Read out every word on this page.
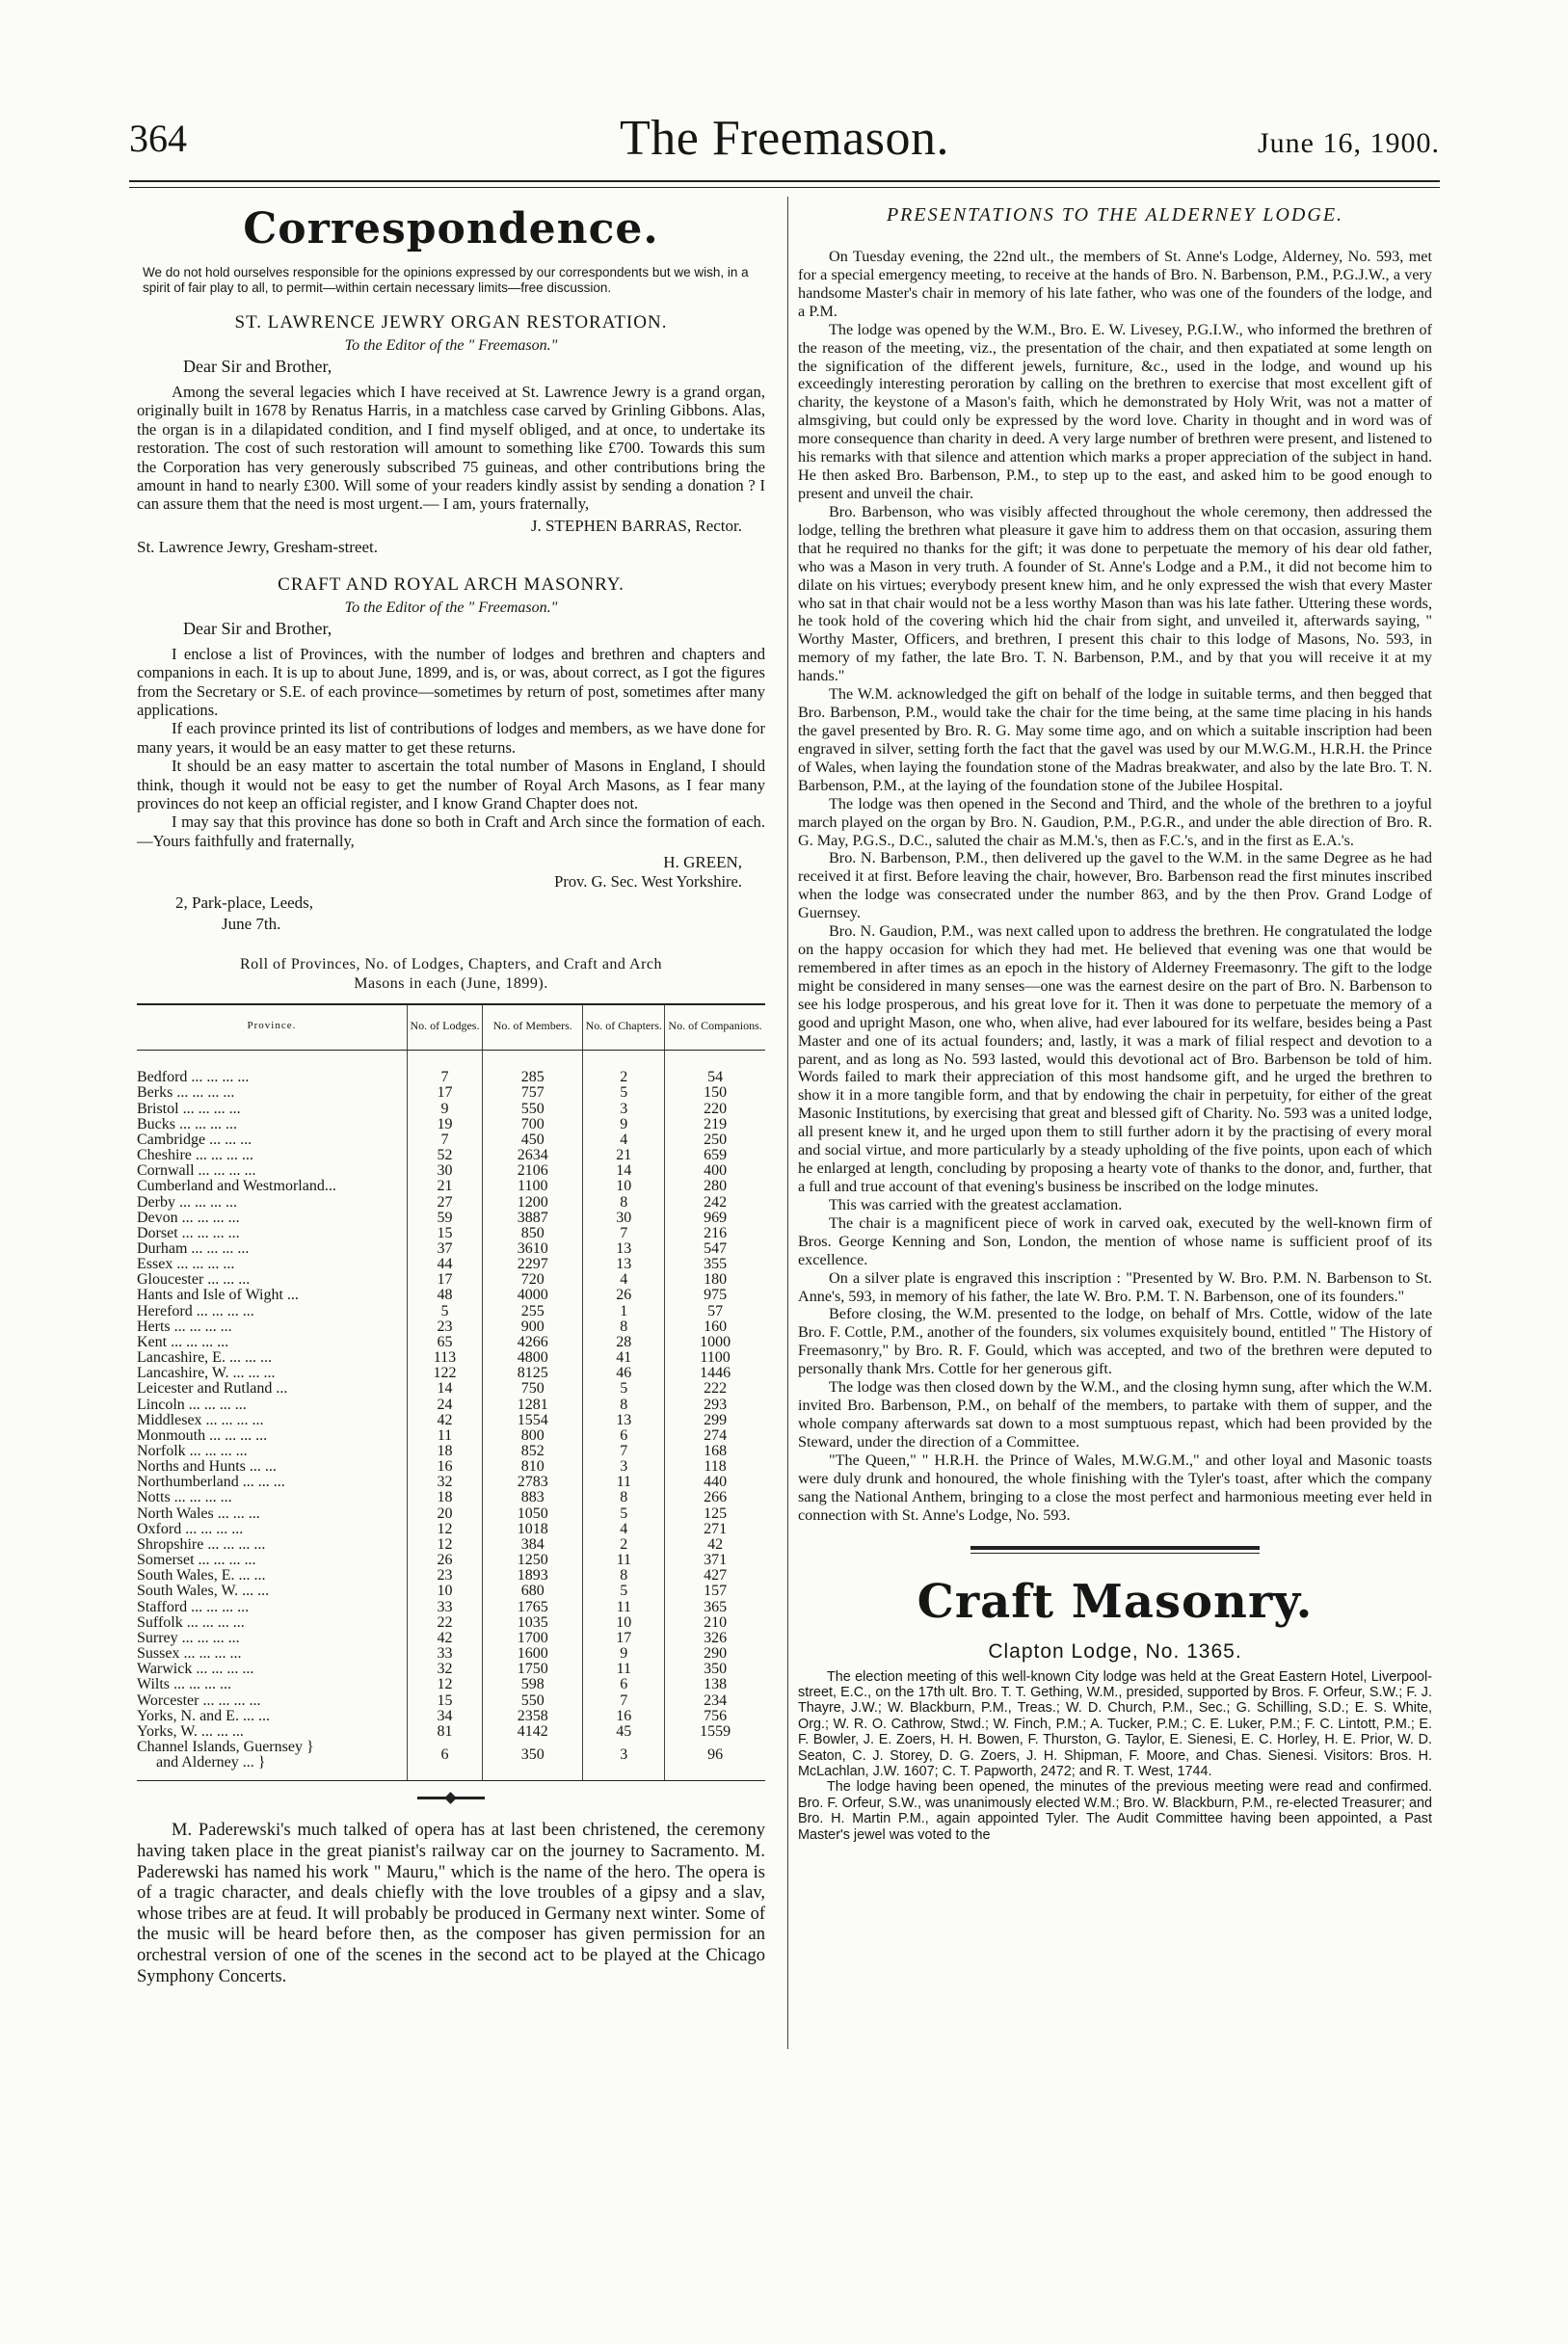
364	The Freemason.	June 16, 1900.
Correspondence.
We do not hold ourselves responsible for the opinions expressed by our correspondents but we wish, in a spirit of fair play to all, to permit—within certain necessary limits—free discussion.
ST. LAWRENCE JEWRY ORGAN RESTORATION.
To the Editor of the " Freemason."
Dear Sir and Brother,

Among the several legacies which I have received at St. Lawrence Jewry is a grand organ, originally built in 1678 by Renatus Harris, in a matchless case carved by Grinling Gibbons. Alas, the organ is in a dilapidated condition, and I find myself obliged, and at once, to undertake its restoration. The cost of such restoration will amount to something like £700. Towards this sum the Corporation has very generously subscribed 75 guineas, and other contributions bring the amount in hand to nearly £300. Will some of your readers kindly assist by sending a donation ? I can assure them that the need is most urgent.— I am, yours fraternally,

J. STEPHEN BARRAS, Rector.
St. Lawrence Jewry, Gresham-street.
CRAFT AND ROYAL ARCH MASONRY.
To the Editor of the " Freemason."
Dear Sir and Brother,

I enclose a list of Provinces, with the number of lodges and brethren and chapters and companions in each. It is up to about June, 1899, and is, or was, about correct, as I got the figures from the Secretary or S.E. of each province—sometimes by return of post, sometimes after many applications.

If each province printed its list of contributions of lodges and members, as we have done for many years, it would be an easy matter to get these returns.

It should be an easy matter to ascertain the total number of Masons in England, I should think, though it would not be easy to get the number of Royal Arch Masons, as I fear many provinces do not keep an official register, and I know Grand Chapter does not.

I may say that this province has done so both in Craft and Arch since the formation of each.—Yours faithfully and fraternally,

H. GREEN,
Prov. G. Sec. West Yorkshire.
2, Park-place, Leeds,
June 7th.
Roll of Provinces, No. of Lodges, Chapters, and Craft and Arch
Masons in each (June, 1899).
Province.	No. of Lodges.	No. of Members.	No. of Chapters.	No. of Companions.

Bedford ... ... ... ...	7	285	2	54
Berks ... ... ... ...	17	757	5	150
Bristol ... ... ... ...	9	550	3	220
Bucks ... ... ... ...	19	700	9	219
Cambridge ... ... ...	7	450	4	250
Cheshire ... ... ... ...	52	2634	21	659
Cornwall ... ... ... ...	30	2106	14	400
Cumberland and Westmorland...	21	1100	10	280
Derby ... ... ... ...	27	1200	8	242
Devon ... ... ... ...	59	3887	30	969
Dorset ... ... ... ...	15	850	7	216
Durham ... ... ... ...	37	3610	13	547
Essex ... ... ... ...	44	2297	13	355
Gloucester ... ... ...	17	720	4	180
Hants and Isle of Wight ...	48	4000	26	975
Hereford ... ... ... ...	5	255	1	57
Herts ... ... ... ...	23	900	8	160
Kent ... ... ... ...	65	4266	28	1000
Lancashire, E. ... ... ...	113	4800	41	1100
Lancashire, W. ... ... ...	122	8125	46	1446
Leicester and Rutland ...	14	750	5	222
Lincoln ... ... ... ...	24	1281	8	293
Middlesex ... ... ... ...	42	1554	13	299
Monmouth ... ... ... ...	11	800	6	274
Norfolk ... ... ... ...	18	852	7	168
Norths and Hunts ... ...	16	810	3	118
Northumberland ... ... ...	32	2783	11	440
Notts ... ... ... ...	18	883	8	266
North Wales ... ... ...	20	1050	5	125
Oxford ... ... ... ...	12	1018	4	271
Shropshire ... ... ... ...	12	384	2	42
Somerset ... ... ... ...	26	1250	11	371
South Wales, E. ... ...	23	1893	8	427
South Wales, W. ... ...	10	680	5	157
Stafford ... ... ... ...	33	1765	11	365
Suffolk ... ... ... ...	22	1035	10	210
Surrey ... ... ... ...	42	1700	17	326
Sussex ... ... ... ...	33	1600	9	290
Warwick ... ... ... ...	32	1750	11	350
Wilts ... ... ... ...	12	598	6	138
Worcester ... ... ... ...	15	550	7	234
Yorks, N. and E. ... ...	34	2358	16	756
Yorks, W. ... ... ...	81	4142	45	1559

Channel Islands, Guernsey }
and Alderney ... }	6	350	3	96

M. Paderewski's much talked of opera has at last been christened, the ceremony having taken place in the great pianist's railway car on the journey to Sacramento. M. Paderewski has named his work " Mauru," which is the name of the hero. The opera is of a tragic character, and deals chiefly with the love troubles of a gipsy and a slav, whose tribes are at feud. It will probably be produced in Germany next winter. Some of the music will be heard before then, as the composer has given permission for an orchestral version of one of the scenes in the second act to be played at the Chicago Symphony Concerts.

PRESENTATIONS TO THE ALDERNEY LODGE.

On Tuesday evening, the 22nd ult., the members of St. Anne's Lodge, Alderney, No. 593, met for a special emergency meeting, to receive at the hands of Bro. N. Barbenson, P.M., P.G.J.W., a very handsome Master's chair in memory of his late father, who was one of the founders of the lodge, and a P.M.

The lodge was opened by the W.M., Bro. E. W. Livesey, P.G.I.W., who informed the brethren of the reason of the meeting, viz., the presentation of the chair, and then expatiated at some length on the signification of the different jewels, furniture, &c., used in the lodge, and wound up his exceedingly interesting peroration by calling on the brethren to exercise that most excellent gift of charity, the keystone of a Mason's faith, which he demonstrated by Holy Writ, was not a matter of almsgiving, but could only be expressed by the word love. Charity in thought and in word was of more consequence than charity in deed. A very large number of brethren were present, and listened to his remarks with that silence and attention which marks a proper appreciation of the subject in hand. He then asked Bro. Barbenson, P.M., to step up to the east, and asked him to be good enough to present and unveil the chair.

Bro. Barbenson, who was visibly affected throughout the whole ceremony, then addressed the lodge, telling the brethren what pleasure it gave him to address them on that occasion, assuring them that he required no thanks for the gift; it was done to perpetuate the memory of his dear old father, who was a Mason in very truth. A founder of St. Anne's Lodge and a P.M., it did not become him to dilate on his virtues; everybody present knew him, and he only expressed the wish that every Master who sat in that chair would not be a less worthy Mason than was his late father. Uttering these words, he took hold of the covering which hid the chair from sight, and unveiled it, afterwards saying, " Worthy Master, Officers, and brethren, I present this chair to this lodge of Masons, No. 593, in memory of my father, the late Bro. T. N. Barbenson, P.M., and by that you will receive it at my hands."

The W.M. acknowledged the gift on behalf of the lodge in suitable terms, and then begged that Bro. Barbenson, P.M., would take the chair for the time being, at the same time placing in his hands the gavel presented by Bro. R. G. May some time ago, and on which a suitable inscription had been engraved in silver, setting forth the fact that the gavel was used by our M.W.G.M., H.R.H. the Prince of Wales, when laying the foundation stone of the Madras breakwater, and also by the late Bro. T. N. Barbenson, P.M., at the laying of the foundation stone of the Jubilee Hospital.

The lodge was then opened in the Second and Third, and the whole of the brethren to a joyful march played on the organ by Bro. N. Gaudion, P.M., P.G.R., and under the able direction of Bro. R. G. May, P.G.S., D.C., saluted the chair as M.M.'s, then as F.C.'s, and in the first as E.A.'s.

Bro. N. Barbenson, P.M., then delivered up the gavel to the W.M. in the same Degree as he had received it at first. Before leaving the chair, however, Bro. Barbenson read the first minutes inscribed when the lodge was consecrated under the number 863, and by the then Prov. Grand Lodge of Guernsey.

Bro. N. Gaudion, P.M., was next called upon to address the brethren. He congratulated the lodge on the happy occasion for which they had met. He believed that evening was one that would be remembered in after times as an epoch in the history of Alderney Freemasonry. The gift to the lodge might be considered in many senses—one was the earnest desire on the part of Bro. N. Barbenson to see his lodge prosperous, and his great love for it. Then it was done to perpetuate the memory of a good and upright Mason, one who, when alive, had ever laboured for its welfare, besides being a Past Master and one of its actual founders; and, lastly, it was a mark of filial respect and devotion to a parent, and as long as No. 593 lasted, would this devotional act of Bro. Barbenson be told of him. Words failed to mark their appreciation of this most handsome gift, and he urged the brethren to show it in a more tangible form, and that by endowing the chair in perpetuity, for either of the great Masonic Institutions, by exercising that great and blessed gift of Charity. No. 593 was a united lodge, all present knew it, and he urged upon them to still further adorn it by the practising of every moral and social virtue, and more particularly by a steady upholding of the five points, upon each of which he enlarged at length, concluding by proposing a hearty vote of thanks to the donor, and, further, that a full and true account of that evening's business be inscribed on the lodge minutes.

This was carried with the greatest acclamation.

The chair is a magnificent piece of work in carved oak, executed by the well-known firm of Bros. George Kenning and Son, London, the mention of whose name is sufficient proof of its excellence.

On a silver plate is engraved this inscription : "Presented by W. Bro. P.M. N. Barbenson to St. Anne's, 593, in memory of his father, the late W. Bro. P.M. T. N. Barbenson, one of its founders."

Before closing, the W.M. presented to the lodge, on behalf of Mrs. Cottle, widow of the late Bro. F. Cottle, P.M., another of the founders, six volumes exquisitely bound, entitled " The History of Freemasonry," by Bro. R. F. Gould, which was accepted, and two of the brethren were deputed to personally thank Mrs. Cottle for her generous gift.

The lodge was then closed down by the W.M., and the closing hymn sung, after which the W.M. invited Bro. Barbenson, P.M., on behalf of the members, to partake with them of supper, and the whole company afterwards sat down to a most sumptuous repast, which had been provided by the Steward, under the direction of a Committee.

"The Queen," " H.R.H. the Prince of Wales, M.W.G.M.," and other loyal and Masonic toasts were duly drunk and honoured, the whole finishing with the Tyler's toast, after which the company sang the National Anthem, bringing to a close the most perfect and harmonious meeting ever held in connection with St. Anne's Lodge, No. 593.

Craft Masonry.
Clapton Lodge, No. 1365.

The election meeting of this well-known City lodge was held at the Great Eastern Hotel, Liverpool-street, E.C., on the 17th ult. Bro. T. T. Gething, W.M., presided, supported by Bros. F. Orfeur, S.W.; F. J. Thayre, J.W.; W. Blackburn, P.M., Treas.; W. D. Church, P.M., Sec.; G. Schilling, S.D.; E. S. White, Org.; W. R. O. Cathrow, Stwd.; W. Finch, P.M.; A. Tucker, P.M.; C. E. Luker, P.M.; F. C. Lintott, P.M.; E. F. Bowler, J. E. Zoers, H. H. Bowen, F. Thurston, G. Taylor, E. Sienesi, E. C. Horley, H. E. Prior, W. D. Seaton, C. J. Storey, D. G. Zoers, J. H. Shipman, F. Moore, and Chas. Sienesi. Visitors: Bros. H. McLachlan, J.W. 1607; C. T. Papworth, 2472; and R. T. West, 1744.

The lodge having been opened, the minutes of the previous meeting were read and confirmed. Bro. F. Orfeur, S.W., was unanimously elected W.M.; Bro. W. Blackburn, P.M., re-elected Treasurer; and Bro. H. Martin P.M., again appointed Tyler. The Audit Committee having been appointed, a Past Master's jewel was voted to the
